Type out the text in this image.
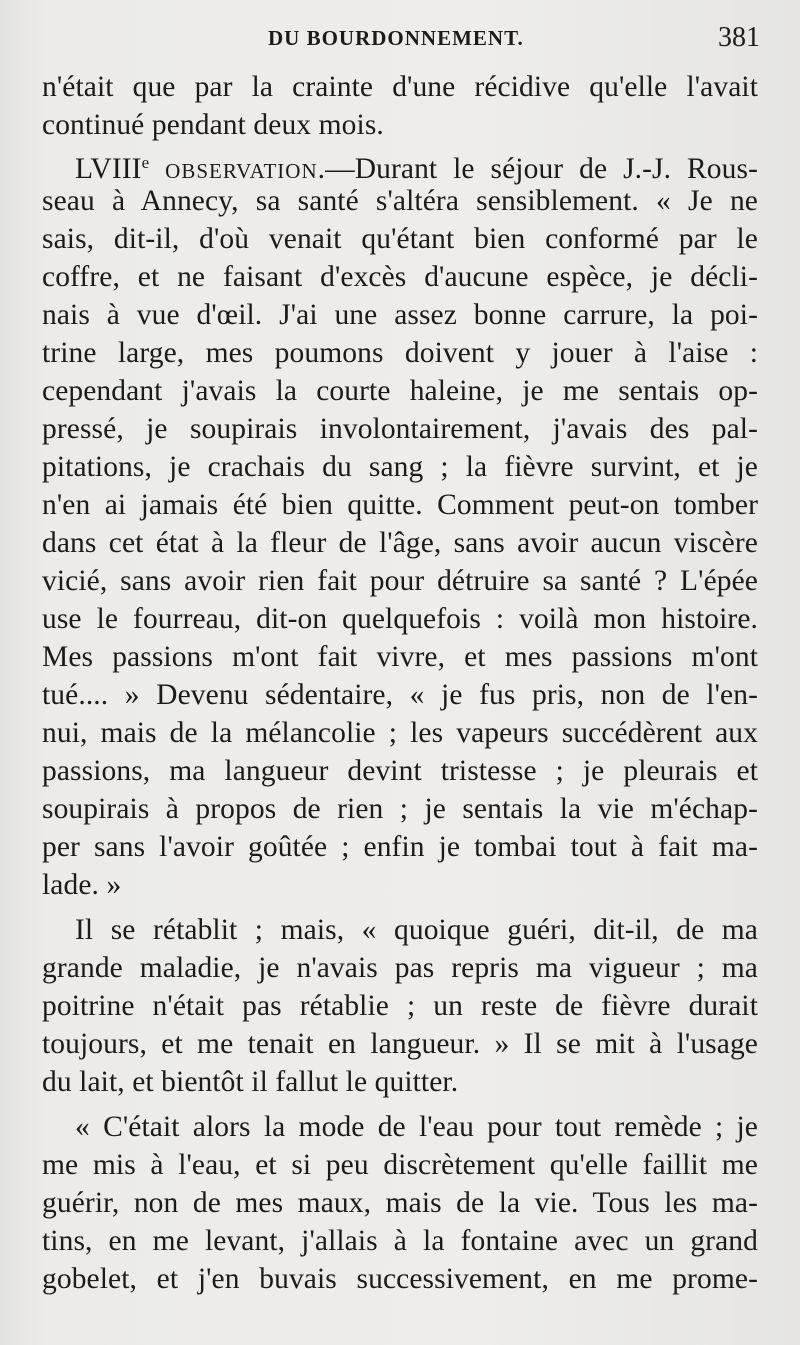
DU BOURDONNEMENT.	381
n'était que par la crainte d'une récidive qu'elle l'avait
continué pendant deux mois.
LVIIIe observation.—Durant le séjour de J.-J. Rous-
seau à Annecy, sa santé s'altéra sensiblement. « Je ne
sais, dit-il, d'où venait qu'étant bien conformé par le
coffre, et ne faisant d'excès d'aucune espèce, je décli-
nais à vue d'œil. J'ai une assez bonne carrure, la poi-
trine large, mes poumons doivent y jouer à l'aise :
cependant j'avais la courte haleine, je me sentais op-
pressé, je soupirais involontairement, j'avais des pal-
pitations, je crachais du sang ; la fièvre survint, et je
n'en ai jamais été bien quitte. Comment peut-on tomber
dans cet état à la fleur de l'âge, sans avoir aucun viscère
vicié, sans avoir rien fait pour détruire sa santé ? L'épée
use le fourreau, dit-on quelquefois : voilà mon histoire.
Mes passions m'ont fait vivre, et mes passions m'ont
tué.... » Devenu sédentaire, « je fus pris, non de l'en-
nui, mais de la mélancolie ; les vapeurs succédèrent aux
passions, ma langueur devint tristesse ; je pleurais et
soupirais à propos de rien ; je sentais la vie m'échap-
per sans l'avoir goûtée ; enfin je tombai tout à fait ma-
lade. »
Il se rétablit ; mais, « quoique guéri, dit-il, de ma
grande maladie, je n'avais pas repris ma vigueur ; ma
poitrine n'était pas rétablie ; un reste de fièvre durait
toujours, et me tenait en langueur. » Il se mit à l'usage
du lait, et bientôt il fallut le quitter.
« C'était alors la mode de l'eau pour tout remède ; je
me mis à l'eau, et si peu discrètement qu'elle faillit me
guérir, non de mes maux, mais de la vie. Tous les ma-
tins, en me levant, j'allais à la fontaine avec un grand
gobelet, et j'en buvais successivement, en me prome-
